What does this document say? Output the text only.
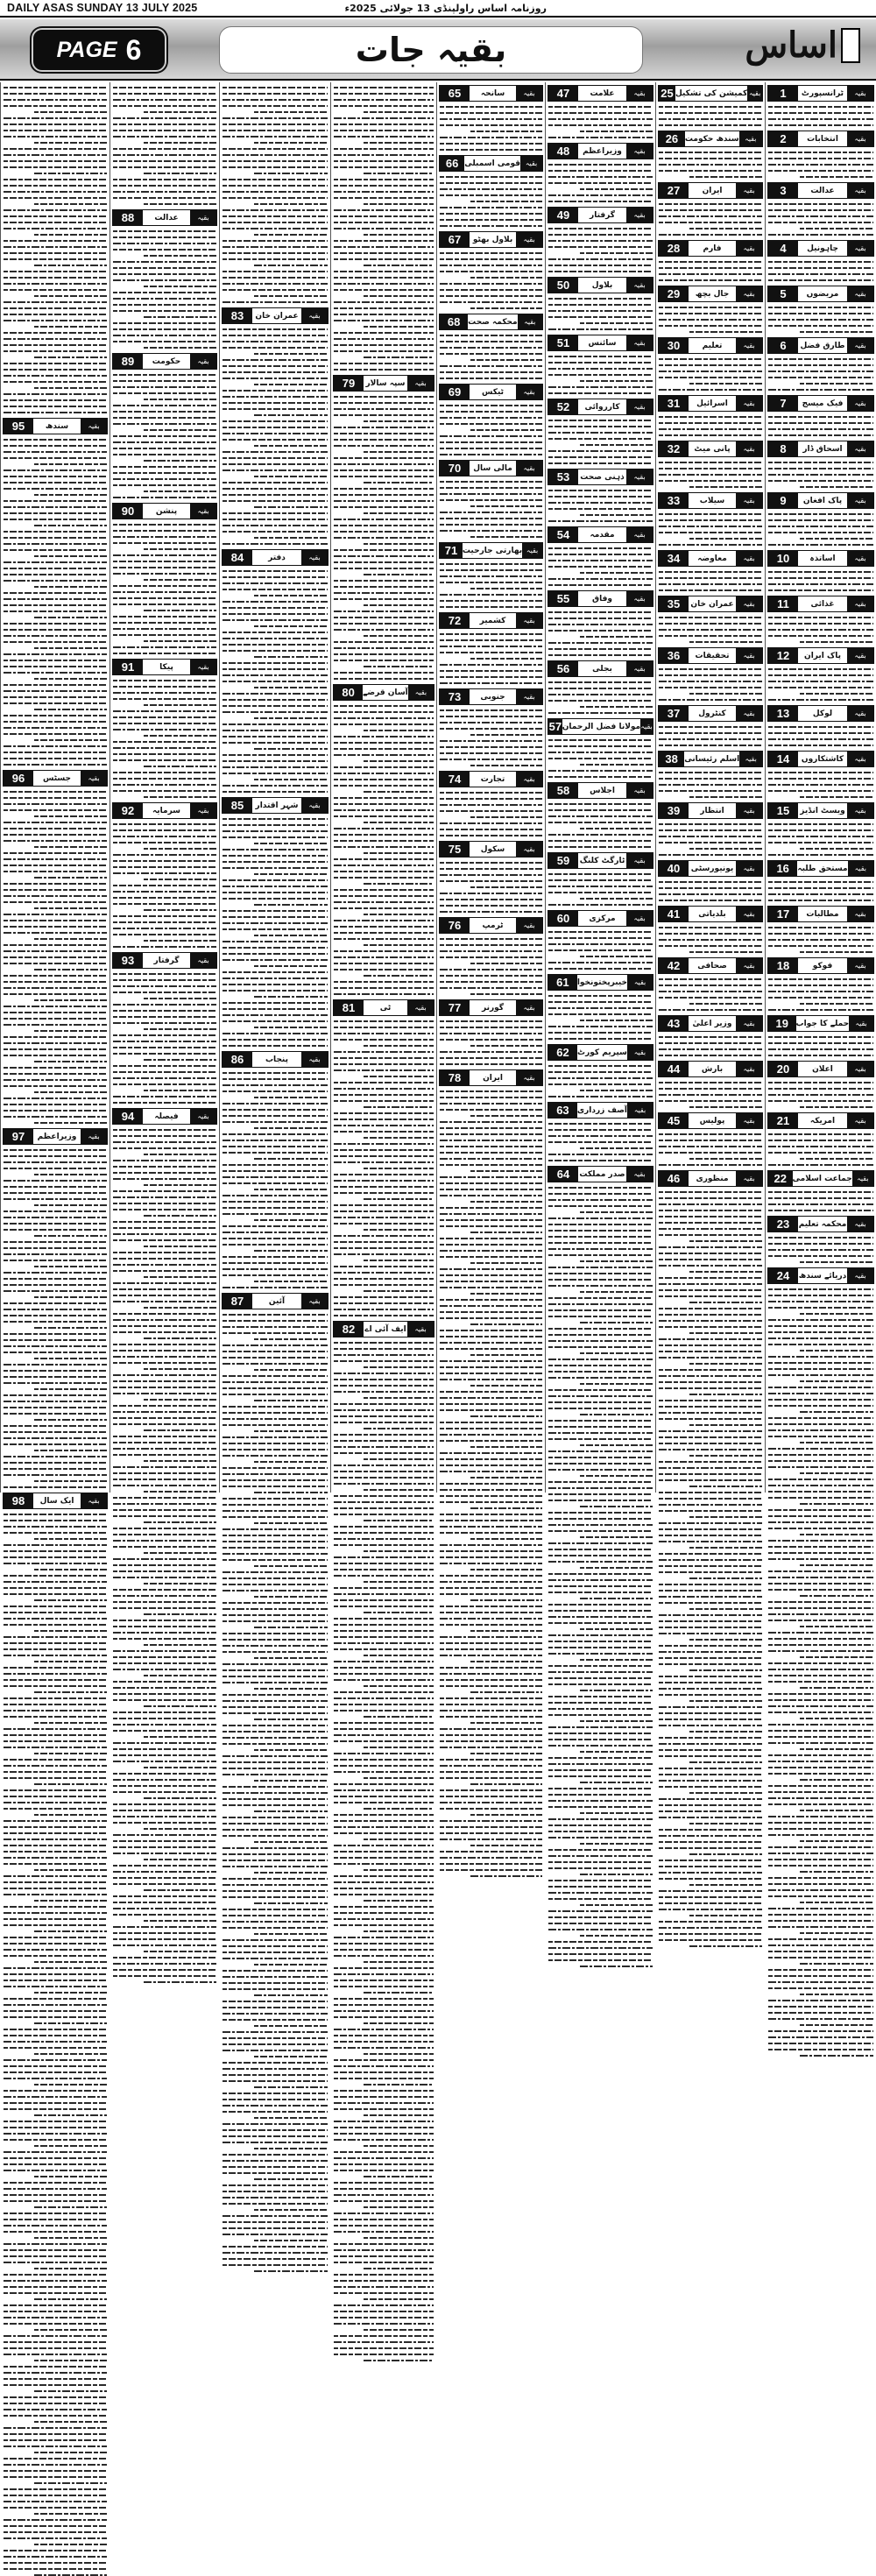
DAILY ASAS SUNDAY 13 JULY 2025	روزنامہ اساس راولپنڈی 13 جولائی 2025ء
PAGE 6	بقیہ جات	اساس
1	ٹرانسپورٹ	بقیہ
2	انتخابات	بقیہ
3	عدالت	بقیہ
4	چاہونیل	بقیہ
5	مریضوں	بقیہ
6	طارق فضل	بقیہ
7	فیک میسج	بقیہ
8	اسحاق ڈار	بقیہ
9	پاک افغان	بقیہ
10	اساتذہ	بقیہ
11	غذائی	بقیہ
12	پاک ایران	بقیہ
13	لوکل	بقیہ
14	کاشتکاروں	بقیہ
15	ویسٹ انڈیز	بقیہ
16	مستحق طلبہ	بقیہ
17	مطالبات	بقیہ
18	فوکو	بقیہ
19 حملے کا جواب بقیہ
20	اعلان	بقیہ
21	امریکہ	بقیہ
22 جماعت اسلامی بقیہ
23	محکمہ تعلیم	بقیہ
24	دریائے سندھ	بقیہ
25 کمیشن کی تشکیل بقیہ
26 سندھ حکومت بقیہ
27	ایران	بقیہ
28	فارم	بقیہ
29	جال بچھ	بقیہ
30	تعلیم	بقیہ
31	اسرائیل	بقیہ
32	پانی میٹ	بقیہ
33	سیلاب	بقیہ
34	معاوضہ	بقیہ
35	عمران خان	بقیہ
36	تحقیقات	بقیہ
37	کنٹرول	بقیہ
38 اسلم رئیسانی بقیہ
39	انتظار	بقیہ
40	یونیورسٹی	بقیہ
41	بلدیاتی	بقیہ
42	صحافی	بقیہ
43	وزیر اعلیٰ	بقیہ
44	بارش	بقیہ
45	پولیس	بقیہ
46	منظوری	بقیہ
47	علامت	بقیہ
48	وزیراعظم	بقیہ
49	گرفتار	بقیہ
50	بلاول	بقیہ
51	سائنس	بقیہ
52	کارروائی	بقیہ
53	ذہنی صحت	بقیہ
54	مقدمہ	بقیہ
55	وفاق	بقیہ
56	بجلی	بقیہ
57 مولانا فضل الرحمان بقیہ
58	اجلاس	بقیہ
59	ٹارگٹ کلنگ	بقیہ
60	مرکزی	بقیہ
61	خیبرپختونخوا بقیہ
62	سپریم کورٹ بقیہ
63	آصف زرداری بقیہ
64	صدر مملکت	بقیہ
65	سانحہ	بقیہ
66 قومی اسمبلی بقیہ
67	بلاول بھٹو	بقیہ
68 محکمہ صحت بقیہ
69	ٹیکس	بقیہ
70	مالی سال	بقیہ
71 بھارتی جارحیت بقیہ
72	کشمیر	بقیہ
73	جنوبی	بقیہ
74	تجارت	بقیہ
75	سکول	بقیہ
76	ٹرمپ	بقیہ
77	گورنر	بقیہ
78	ایران	بقیہ
79	سپہ سالار	بقیہ
80	آسان قرضے بقیہ
81	ٹی	بقیہ
82	ایف آئی اے	بقیہ
83	عمران خان	بقیہ
84	دفتر	بقیہ
85	شہر اقتدار	بقیہ
86	پنجاب	بقیہ
87	آئین	بقیہ
88	عدالت	بقیہ
89	حکومت	بقیہ
90	پنشن	بقیہ
91	پیکا	بقیہ
92	سرمایہ	بقیہ
93	گرفتار	بقیہ
94	فیصلہ	بقیہ
95	سندھ	بقیہ
96	جسٹس	بقیہ
97	وزیراعظم	بقیہ
98	ایک سال	بقیہ
